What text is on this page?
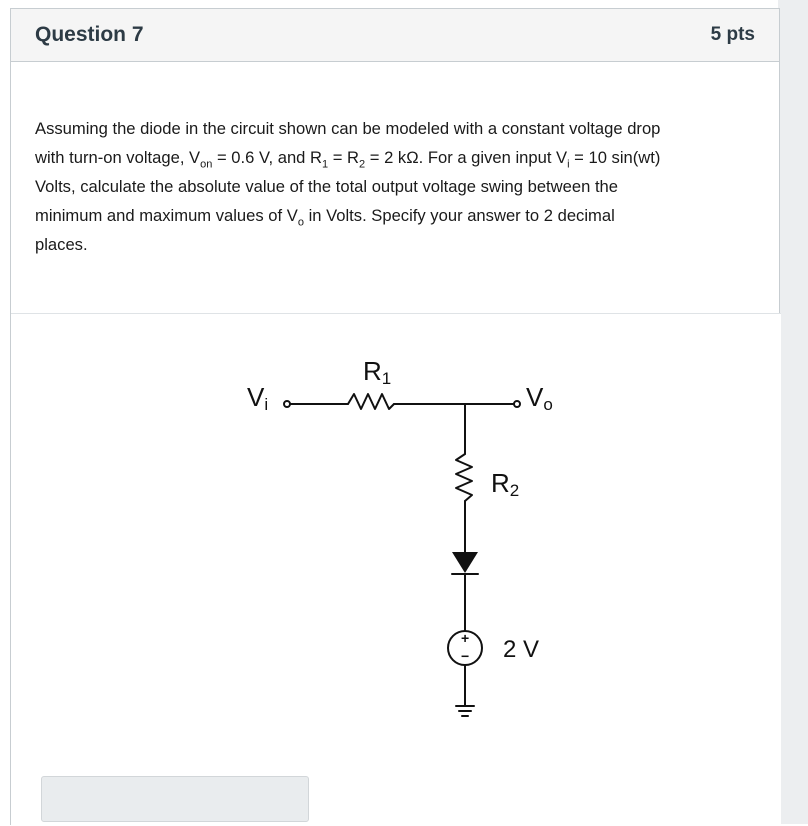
Question 7	5 pts

Assuming the diode in the circuit shown can be modeled with a constant voltage drop

with turn-on voltage, $V_{on} = 0.6$ V, and $R_1 = R_2 = 2$ kΩ. For a given input $V_i = 10$ sin(wt)

Volts, calculate the absolute value of the total output voltage swing between the

minimum and maximum values of $V_o$ in Volts. Specify your answer to 2 decimal

places.

Vi
R1
Vo
R2
+
− 2 V
